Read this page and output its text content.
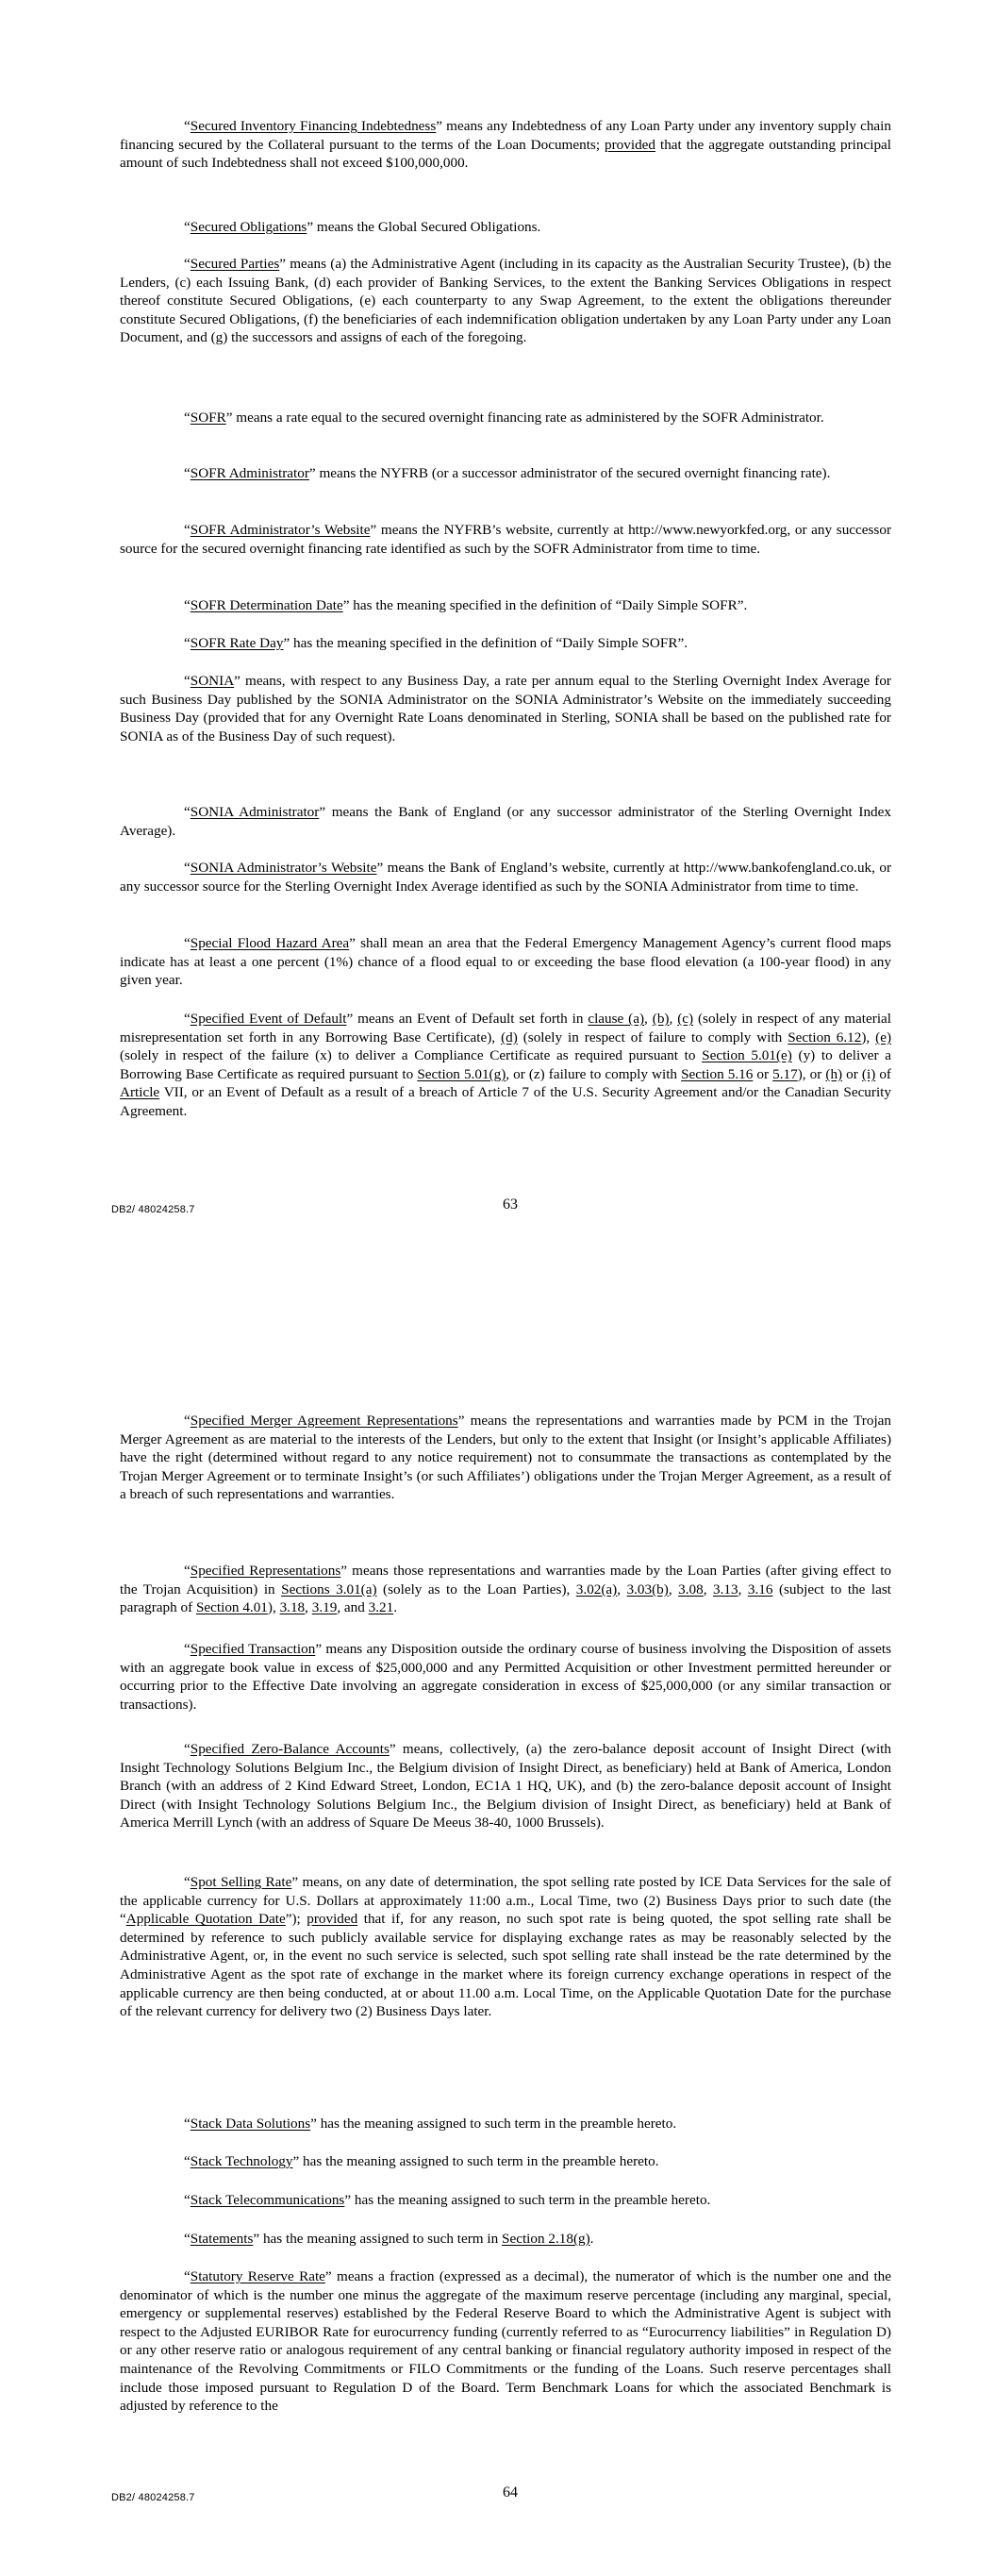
“Secured Inventory Financing Indebtedness” means any Indebtedness of any Loan Party under any inventory supply chain financing secured by the Collateral pursuant to the terms of the Loan Documents; provided that the aggregate outstanding principal amount of such Indebtedness shall not exceed $100,000,000.

“Secured Obligations” means the Global Secured Obligations.

“Secured Parties” means (a) the Administrative Agent (including in its capacity as the Australian Security Trustee), (b) the Lenders, (c) each Issuing Bank, (d) each provider of Banking Services, to the extent the Banking Services Obligations in respect thereof constitute Secured Obligations, (e) each counterparty to any Swap Agreement, to the extent the obligations thereunder constitute Secured Obligations, (f) the beneficiaries of each indemnification obligation undertaken by any Loan Party under any Loan Document, and (g) the successors and assigns of each of the foregoing.

“SOFR” means a rate equal to the secured overnight financing rate as administered by the SOFR Administrator.

“SOFR Administrator” means the NYFRB (or a successor administrator of the secured overnight financing rate).

“SOFR Administrator’s Website” means the NYFRB’s website, currently at http://www.newyorkfed.org, or any successor source for the secured overnight financing rate identified as such by the SOFR Administrator from time to time.

“SOFR Determination Date” has the meaning specified in the definition of “Daily Simple SOFR”.

“SOFR Rate Day” has the meaning specified in the definition of “Daily Simple SOFR”.

“SONIA” means, with respect to any Business Day, a rate per annum equal to the Sterling Overnight Index Average for such Business Day published by the SONIA Administrator on the SONIA Administrator’s Website on the immediately succeeding Business Day (provided that for any Overnight Rate Loans denominated in Sterling, SONIA shall be based on the published rate for SONIA as of the Business Day of such request).

“SONIA Administrator” means the Bank of England (or any successor administrator of the Sterling Overnight Index Average).

“SONIA Administrator’s Website” means the Bank of England’s website, currently at http://www.bankofengland.co.uk, or any successor source for the Sterling Overnight Index Average identified as such by the SONIA Administrator from time to time.

“Special Flood Hazard Area” shall mean an area that the Federal Emergency Management Agency’s current flood maps indicate has at least a one percent (1%) chance of a flood equal to or exceeding the base flood elevation (a 100-year flood) in any given year.

“Specified Event of Default” means an Event of Default set forth in clause (a), (b), (c) (solely in respect of any material misrepresentation set forth in any Borrowing Base Certificate), (d) (solely in respect of failure to comply with Section 6.12), (e) (solely in respect of the failure (x) to deliver a Compliance Certificate as required pursuant to Section 5.01(e) (y) to deliver a Borrowing Base Certificate as required pursuant to Section 5.01(g), or (z) failure to comply with Section 5.16 or 5.17), or (h) or (i) of Article VII, or an Event of Default as a result of a breach of Article 7 of the U.S. Security Agreement and/or the Canadian Security Agreement.

DB2/ 48024258.7	63

“Specified Merger Agreement Representations” means the representations and warranties made by PCM in the Trojan Merger Agreement as are material to the interests of the Lenders, but only to the extent that Insight (or Insight’s applicable Affiliates) have the right (determined without regard to any notice requirement) not to consummate the transactions as contemplated by the Trojan Merger Agreement or to terminate Insight’s (or such Affiliates’) obligations under the Trojan Merger Agreement, as a result of a breach of such representations and warranties.

“Specified Representations” means those representations and warranties made by the Loan Parties (after giving effect to the Trojan Acquisition) in Sections 3.01(a) (solely as to the Loan Parties), 3.02(a), 3.03(b), 3.08, 3.13, 3.16 (subject to the last paragraph of Section 4.01), 3.18, 3.19, and 3.21.

“Specified Transaction” means any Disposition outside the ordinary course of business involving the Disposition of assets with an aggregate book value in excess of $25,000,000 and any Permitted Acquisition or other Investment permitted hereunder or occurring prior to the Effective Date involving an aggregate consideration in excess of $25,000,000 (or any similar transaction or transactions).

“Specified Zero-Balance Accounts” means, collectively, (a) the zero-balance deposit account of Insight Direct (with Insight Technology Solutions Belgium Inc., the Belgium division of Insight Direct, as beneficiary) held at Bank of America, London Branch (with an address of 2 Kind Edward Street, London, EC1A 1 HQ, UK), and (b) the zero-balance deposit account of Insight Direct (with Insight Technology Solutions Belgium Inc., the Belgium division of Insight Direct, as beneficiary) held at Bank of America Merrill Lynch (with an address of Square De Meeus 38-40, 1000 Brussels).

“Spot Selling Rate” means, on any date of determination, the spot selling rate posted by ICE Data Services for the sale of the applicable currency for U.S. Dollars at approximately 11:00 a.m., Local Time, two (2) Business Days prior to such date (the “Applicable Quotation Date”); provided that if, for any reason, no such spot rate is being quoted, the spot selling rate shall be determined by reference to such publicly available service for displaying exchange rates as may be reasonably selected by the Administrative Agent, or, in the event no such service is selected, such spot selling rate shall instead be the rate determined by the Administrative Agent as the spot rate of exchange in the market where its foreign currency exchange operations in respect of the applicable currency are then being conducted, at or about 11.00 a.m. Local Time, on the Applicable Quotation Date for the purchase of the relevant currency for delivery two (2) Business Days later.

“Stack Data Solutions” has the meaning assigned to such term in the preamble hereto.

“Stack Technology” has the meaning assigned to such term in the preamble hereto.

“Stack Telecommunications” has the meaning assigned to such term in the preamble hereto.

“Statements” has the meaning assigned to such term in Section 2.18(g).

“Statutory Reserve Rate” means a fraction (expressed as a decimal), the numerator of which is the number one and the denominator of which is the number one minus the aggregate of the maximum reserve percentage (including any marginal, special, emergency or supplemental reserves) established by the Federal Reserve Board to which the Administrative Agent is subject with respect to the Adjusted EURIBOR Rate for eurocurrency funding (currently referred to as “Eurocurrency liabilities” in Regulation D) or any other reserve ratio or analogous requirement of any central banking or financial regulatory authority imposed in respect of the maintenance of the Revolving Commitments or FILO Commitments or the funding of the Loans. Such reserve percentages shall include those imposed pursuant to Regulation D of the Board. Term Benchmark Loans for which the associated Benchmark is adjusted by reference to the

DB2/ 48024258.7	64
